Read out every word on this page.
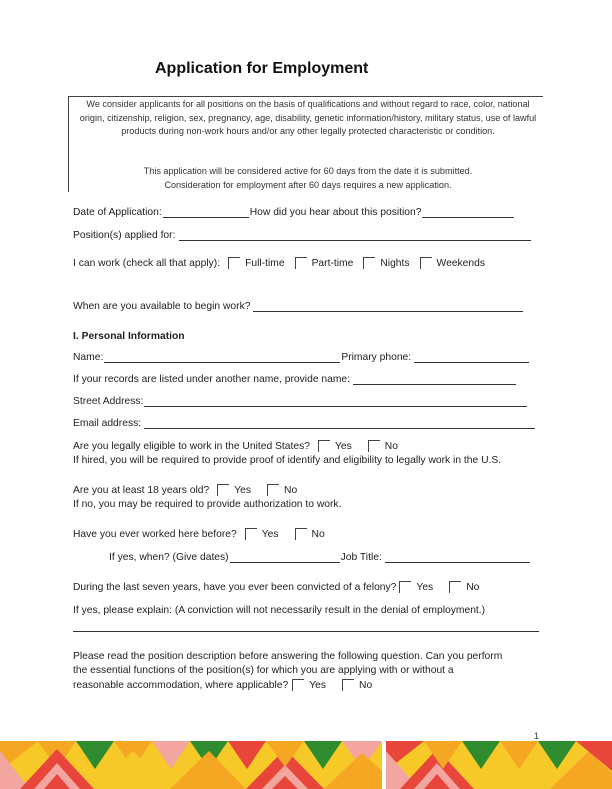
Application for Employment

We consider applicants for all positions on the basis of qualifications and without regard to race, color, national origin, citizenship, religion, sex, pregnancy, age, disability, genetic information/history, military status, use of lawful products during non-work hours and/or any other legally protected characteristic or condition.

This application will be considered active for 60 days from the date it is submitted.

Consideration for employment after 60 days requires a new application.

Date of Application:	How did you hear about this position?
Position(s) applied for:
I can work (check all that apply): Full-time	Part-time	Nights	Weekends
When are you available to begin work?
I. Personal Information
Name:	Primary phone:
If your records are listed under another name, provide name:
Street Address:
Email address:
Are you legally eligible to work in the United States? Yes	No
If hired, you will be required to provide proof of identify and eligibility to legally work in the U.S.
Are you at least 18 years old? Yes	No
If no, you may be required to provide authorization to work.
Have you ever worked here before? Yes	No
If yes, when? (Give dates)	Job Title:
During the last seven years, have you ever been convicted of a felony? Yes	No
If yes, please explain: (A conviction will not necessarily result in the denial of employment.)
Please read the position description before answering the following question. Can you perform
the essential functions of the position(s) for which you are applying with or without a
reasonable accommodation, where applicable? Yes	No
1
